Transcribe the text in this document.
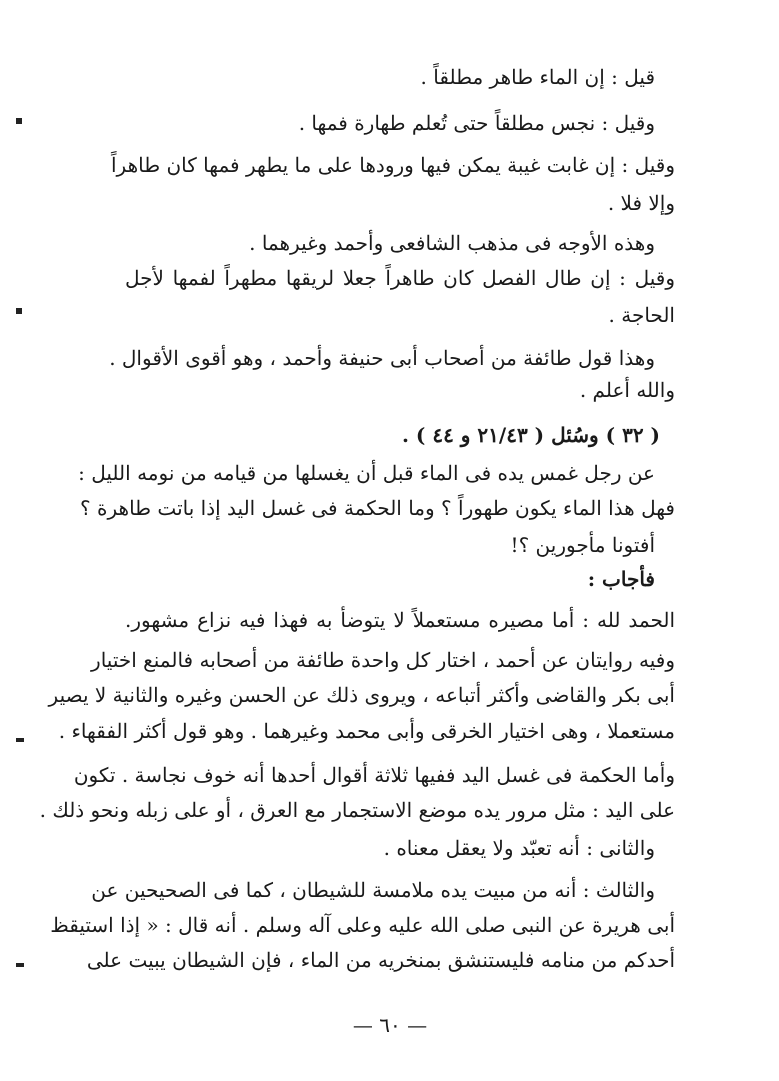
قيل : إن الماء طاهر مطلقاً .
وقيل : نجس مطلقاً حتى تُعلم طهارة فمها .
وقيل : إن غابت غيبة يمكن فيها ورودها على ما يطهر فمها كان طاهراً
وإلا فلا .
وهذه الأوجه فى مذهب الشافعى وأحمد وغيرهما .
وقيل : إن طال الفصل كان طاهراً جعلا لريقها مطهراً لفمها لأجل
الحاجة .
وهذا قول طائفة من أصحاب أبى حنيفة وأحمد ، وهو أقوى الأقوال .
والله أعلم .
( ٣٢ ) وسُئل ( ٢١/٤٣ و ٤٤ ) .
عن رجل غمس يده فى الماء قبل أن يغسلها من قيامه من نومه الليل :
فهل هذا الماء يكون طهوراً ؟ وما الحكمة فى غسل اليد إذا باتت طاهرة ؟
أفتونا مأجورين ؟!
فأجاب :
الحمد لله : أما مصيره مستعملاً لا يتوضأ به فهذا فيه نزاع مشهور.
وفيه روايتان عن أحمد ، اختار كل واحدة طائفة من أصحابه فالمنع اختيار
أبى بكر والقاضى وأكثر أتباعه ، ويروى ذلك عن الحسن وغيره والثانية لا يصير
مستعملا ، وهى اختيار الخرقى وأبى محمد وغيرهما . وهو قول أكثر الفقهاء .
وأما الحكمة فى غسل اليد ففيها ثلاثة أقوال أحدها أنه خوف نجاسة . تكون
على اليد : مثل مرور يده موضع الاستجمار مع العرق ، أو على زبله ونحو ذلك .
والثانى : أنه تعبّد ولا يعقل معناه .
والثالث : أنه من مبيت يده ملامسة للشيطان ، كما فى الصحيحين عن
أبى هريرة عن النبى صلى الله عليه وعلى آله وسلم . أنه قال : « إذا استيقظ
أحدكم من منامه فليستنشق بمنخريه من الماء ، فإن الشيطان يبيت على
— ٦٠ —
